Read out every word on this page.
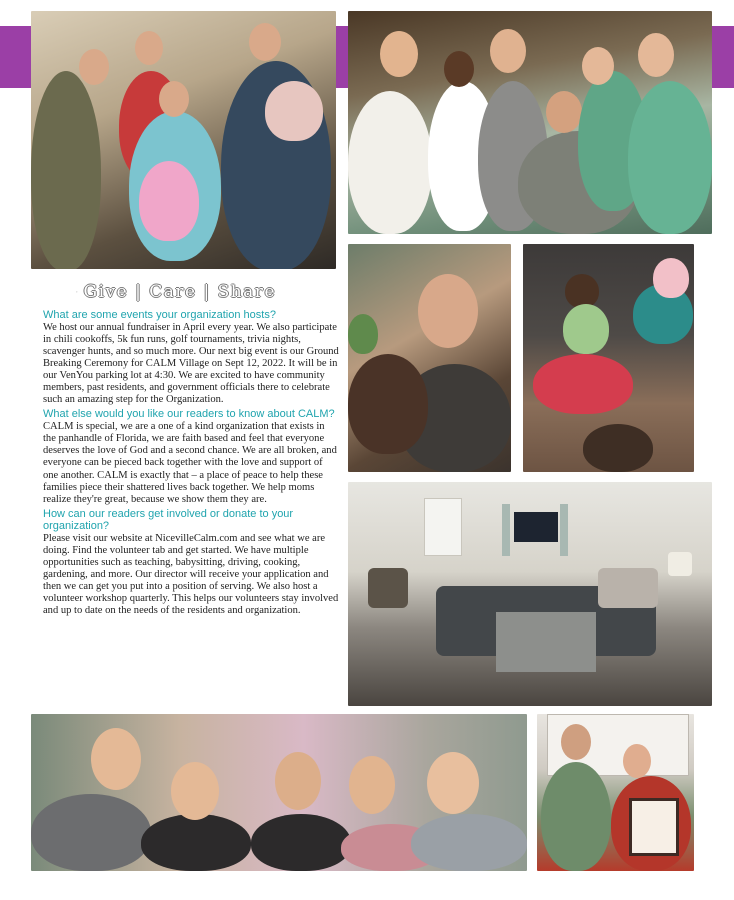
Give | Care | Share
What are some events your organization hosts?
We host our annual fundraiser in April every year. We also participate in chili cookoffs, 5k fun runs, golf tournaments, trivia nights, scavenger hunts, and so much more. Our next big event is our Ground Breaking Ceremony for CALM Village on Sept 12, 2022. It will be in our VenYou parking lot at 4:30. We are excited to have community members, past residents, and government officials there to celebrate such an amazing step for the Organization.
What else would you like our readers to know about CALM?
CALM is special, we are a one of a kind organization that exists in the panhandle of Florida, we are faith based and feel that everyone deserves the love of God and a second chance. We are all broken, and everyone can be pieced back together with the love and support of one another. CALM is exactly that – a place of peace to help these families piece their shattered lives back together. We help moms realize they're great, because we show them they are.
How can our readers get involved or donate to your organization?
Please visit our website at NicevilleCalm.com and see what we are doing. Find the volunteer tab and get started. We have multiple opportunities such as teaching, babysitting, driving, cooking, gardening, and more. Our director will receive your application and then we can get you put into a position of serving. We also host a volunteer workshop quarterly. This helps our volunteers stay involved and up to date on the needs of the residents and organization.
